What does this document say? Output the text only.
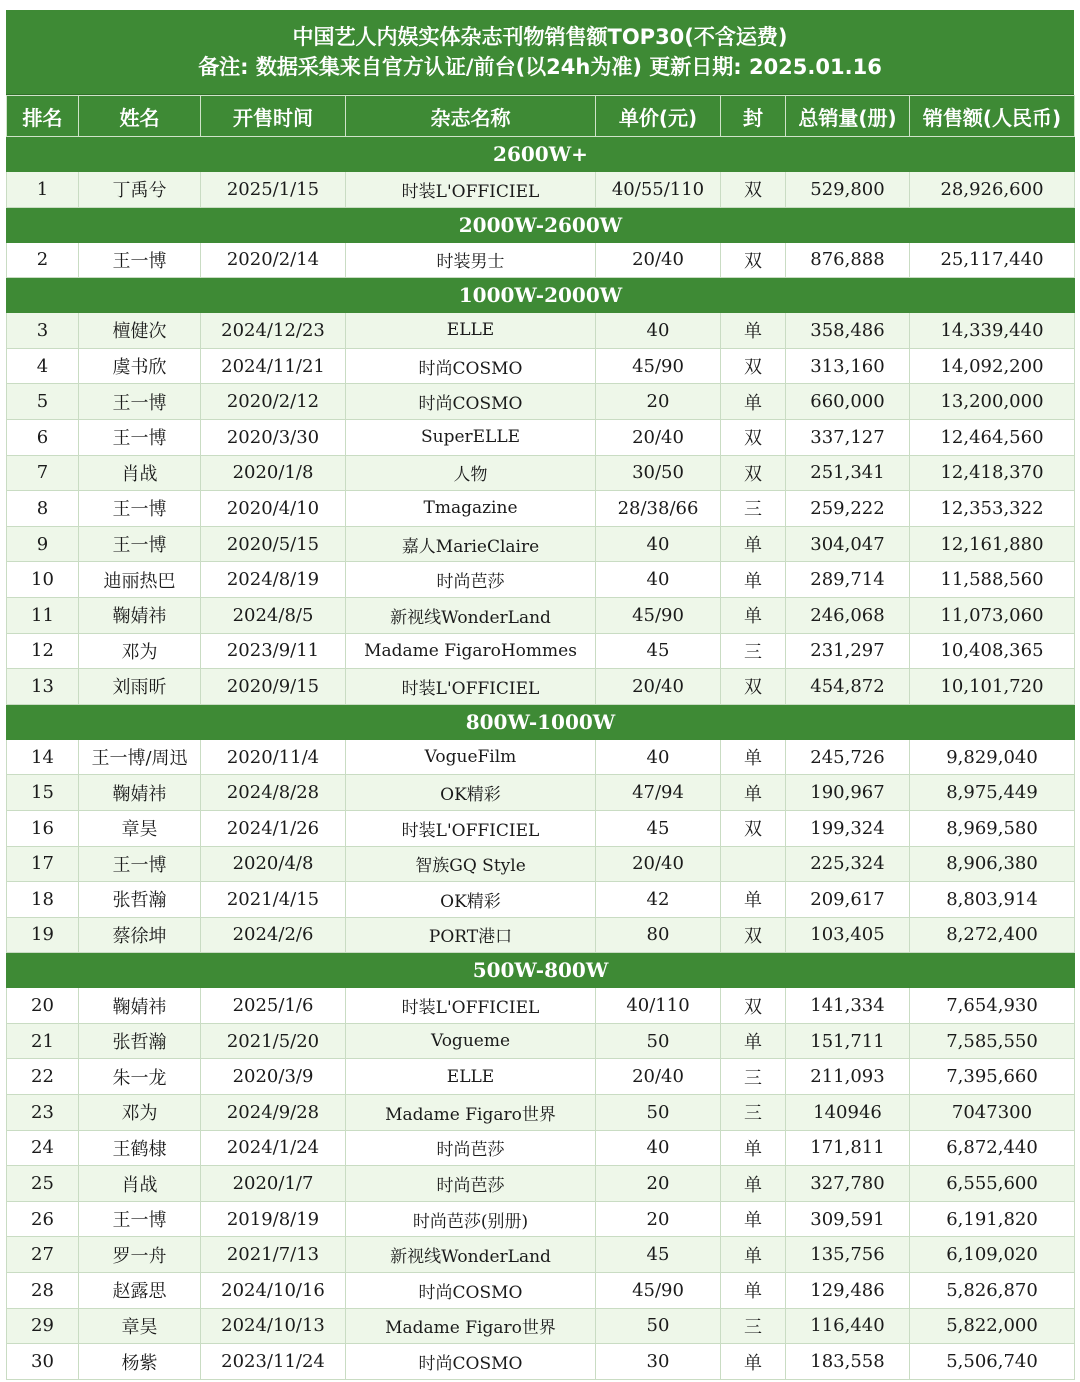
中国艺人内娱实体杂志刊物销售额TOP30(不含运费)
备注: 数据采集来自官方认证/前台(以24h为准) 更新日期: 2025.01.16
排名	姓名	开售时间	杂志名称	单价(元)	封	总销量(册)	销售额(人民币)
2600W+							
1	丁禹兮	2025/1/15	时装L'OFFICIEL	40/55/110	双	529,800	28,926,600
2000W-2600W							
2	王一博	2020/2/14	时装男士	20/40	双	876,888	25,117,440
1000W-2000W							
3	檀健次	2024/12/23	ELLE	40	单	358,486	14,339,440
4	虞书欣	2024/11/21	时尚COSMO	45/90	双	313,160	14,092,200
5	王一博	2020/2/12	时尚COSMO	20	单	660,000	13,200,000
6	王一博	2020/3/30	SuperELLE	20/40	双	337,127	12,464,560
7	肖战	2020/1/8	人物	30/50	双	251,341	12,418,370
8	王一博	2020/4/10	Tmagazine	28/38/66	三	259,222	12,353,322
9	王一博	2020/5/15	嘉人MarieClaire	40	单	304,047	12,161,880
10	迪丽热巴	2024/8/19	时尚芭莎	40	单	289,714	11,588,560
11	鞠婧祎	2024/8/5	新视线WonderLand	45/90	单	246,068	11,073,060
12	邓为	2023/9/11	Madame FigaroHommes	45	三	231,297	10,408,365
13	刘雨昕	2020/9/15	时装L'OFFICIEL	20/40	双	454,872	10,101,720
800W-1000W							
14	王一博/周迅	2020/11/4	VogueFilm	40	单	245,726	9,829,040
15	鞠婧祎	2024/8/28	OK精彩	47/94	单	190,967	8,975,449
16	章昊	2024/1/26	时装L'OFFICIEL	45	双	199,324	8,969,580
17	王一博	2020/4/8	智族GQ Style	20/40		225,324	8,906,380
18	张哲瀚	2021/4/15	OK精彩	42	单	209,617	8,803,914
19	蔡徐坤	2024/2/6	PORT港口	80	双	103,405	8,272,400
500W-800W							
20	鞠婧祎	2025/1/6	时装L'OFFICIEL	40/110	双	141,334	7,654,930
21	张哲瀚	2021/5/20	Vogueme	50	单	151,711	7,585,550
22	朱一龙	2020/3/9	ELLE	20/40	三	211,093	7,395,660
23	邓为	2024/9/28	Madame Figaro世界	50	三	140946	7047300
24	王鹤棣	2024/1/24	时尚芭莎	40	单	171,811	6,872,440
25	肖战	2020/1/7	时尚芭莎	20	单	327,780	6,555,600
26	王一博	2019/8/19	时尚芭莎(别册)	20	单	309,591	6,191,820
27	罗一舟	2021/7/13	新视线WonderLand	45	单	135,756	6,109,020
28	赵露思	2024/10/16	时尚COSMO	45/90	单	129,486	5,826,870
29	章昊	2024/10/13	Madame Figaro世界	50	三	116,440	5,822,000
30	杨紫	2023/11/24	时尚COSMO	30	单	183,558	5,506,740
